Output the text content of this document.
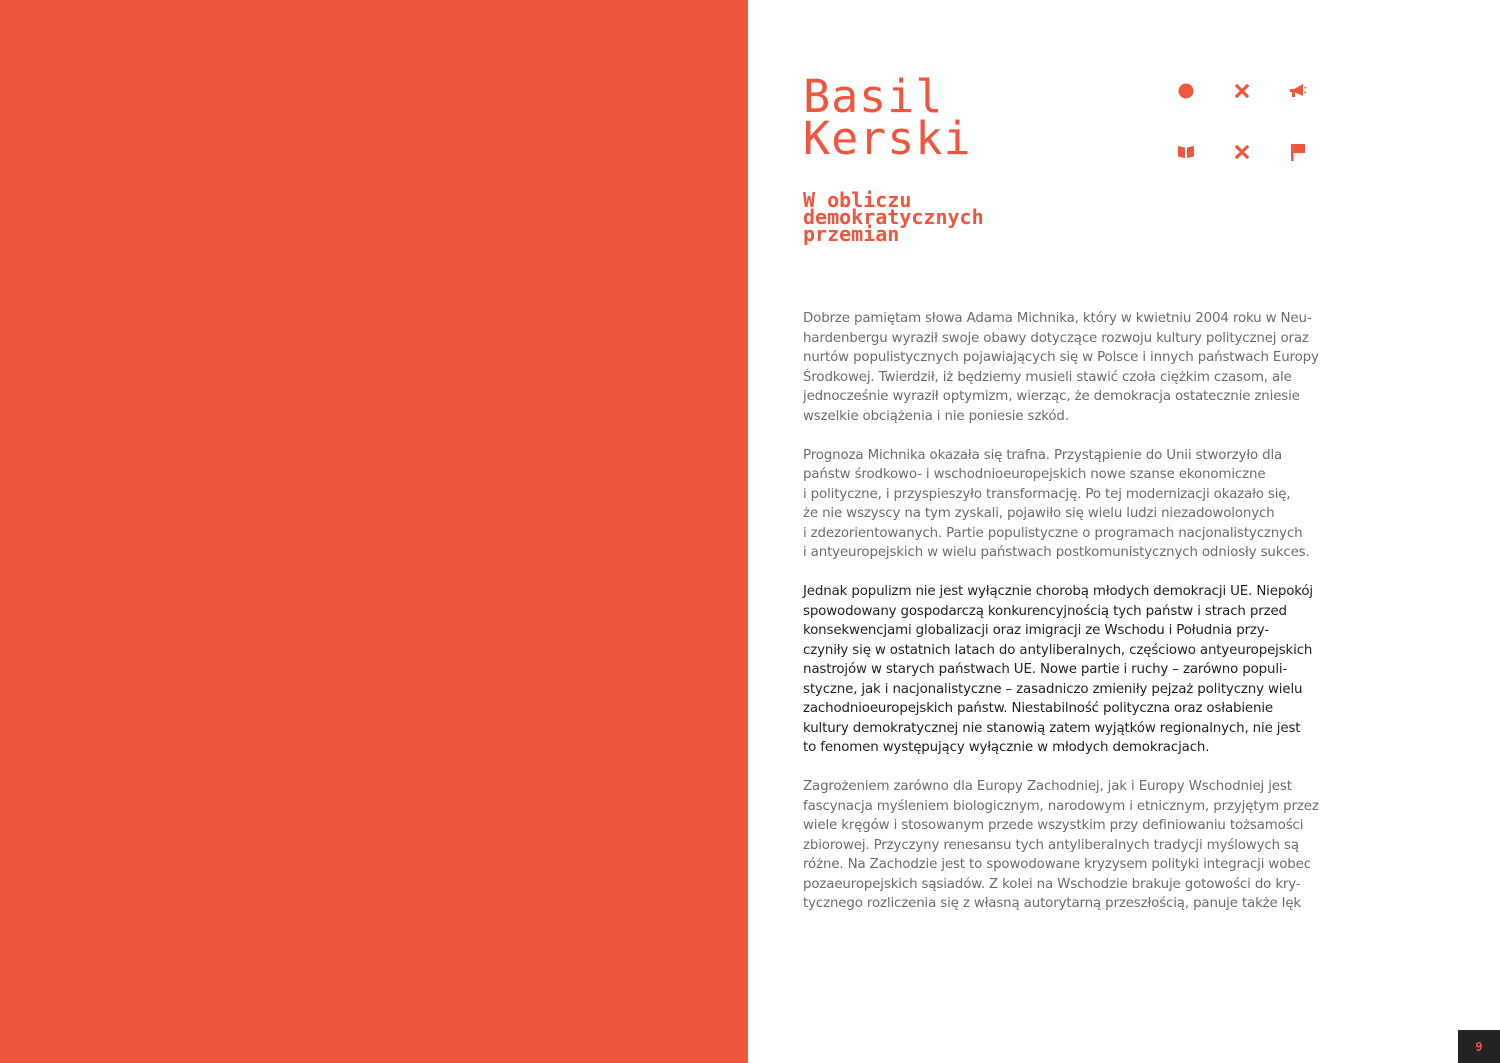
Basil
Kerski
W obliczu
demokratycznych
przemian

Dobrze pamiętam słowa Adama Michnika, który w kwietniu 2004 roku w Neu-
hardenbergu wyraził swoje obawy dotyczące rozwoju kultury politycznej oraz
nurtów populistycznych pojawiających się w Polsce i innych państwach Europy
Środkowej. Twierdził, iż będziemy musieli stawić czoła ciężkim czasom, ale
jednocześnie wyraził optymizm, wierząc, że demokracja ostatecznie zniesie
wszelkie obciążenia i nie poniesie szkód.

Prognoza Michnika okazała się trafna. Przystąpienie do Unii stworzyło dla
państw środkowo- i wschodnioeuropejskich nowe szanse ekonomiczne
i polityczne, i przyspieszyło transformację. Po tej modernizacji okazało się,
że nie wszyscy na tym zyskali, pojawiło się wielu ludzi niezadowolonych
i zdezorientowanych. Partie populistyczne o programach nacjonalistycznych
i antyeuropejskich w wielu państwach postkomunistycznych odniosły sukces.

Jednak populizm nie jest wyłącznie chorobą młodych demokracji UE. Niepokój
spowodowany gospodarczą konkurencyjnością tych państw i strach przed
konsekwencjami globalizacji oraz imigracji ze Wschodu i Południa przy-
czyniły się w ostatnich latach do antyliberalnych, częściowo antyeuropejskich
nastrojów w starych państwach UE. Nowe partie i ruchy – zarówno populi-
styczne, jak i nacjonalistyczne – zasadniczo zmieniły pejzaż polityczny wielu
zachodnioeuropejskich państw. Niestabilność polityczna oraz osłabienie
kultury demokratycznej nie stanowią zatem wyjątków regionalnych, nie jest
to fenomen występujący wyłącznie w młodych demokracjach.

Zagrożeniem zarówno dla Europy Zachodniej, jak i Europy Wschodniej jest
fascynacja myśleniem biologicznym, narodowym i etnicznym, przyjętym przez
wiele kręgów i stosowanym przede wszystkim przy definiowaniu tożsamości
zbiorowej. Przyczyny renesansu tych antyliberalnych tradycji myślowych są
różne. Na Zachodzie jest to spowodowane kryzysem polityki integracji wobec
pozaeuropejskich sąsiadów. Z kolei na Wschodzie brakuje gotowości do kry-
tycznego rozliczenia się z własną autorytarną przeszłością, panuje także lęk

9
